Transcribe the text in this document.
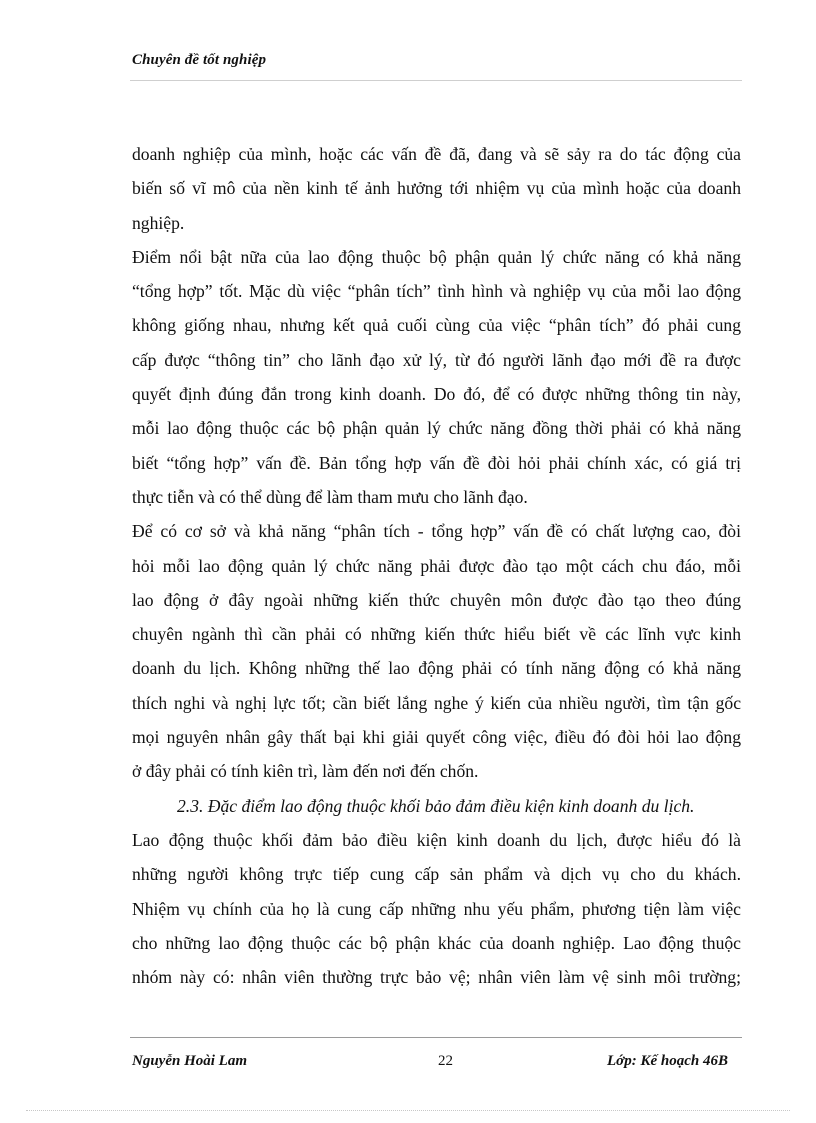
Chuyên đề tốt nghiệp
doanh nghiệp của mình, hoặc các vấn đề đã, đang và sẽ sảy ra do tác động của
biến số vĩ mô của nền kinh tế ảnh hưởng tới nhiệm vụ của mình hoặc của doanh
nghiệp.
Điểm nổi bật nữa của lao động thuộc bộ phận quản lý chức năng có khả năng
“tổng hợp” tốt. Mặc dù việc “phân tích” tình hình và nghiệp vụ của mỗi lao động
không giống nhau, nhưng kết quả cuối cùng của việc “phân tích” đó phải cung
cấp được “thông tin” cho lãnh đạo xử lý, từ đó người lãnh đạo mới đề ra được
quyết định đúng đắn trong kinh doanh. Do đó, để có được những thông tin này,
mỗi lao động thuộc các bộ phận quản lý chức năng đồng thời phải có khả năng
biết “tổng hợp” vấn đề. Bản tổng hợp vấn đề đòi hỏi phải chính xác, có giá trị
thực tiễn và có thể dùng để làm tham mưu cho lãnh đạo.
Để có cơ sở và khả năng “phân tích - tổng hợp” vấn đề có chất lượng cao, đòi
hỏi mỗi lao động quản lý chức năng phải được đào tạo một cách chu đáo, mỗi
lao động ở đây ngoài những kiến thức chuyên môn được đào tạo theo đúng
chuyên ngành thì cần phải có những kiến thức hiểu biết về các lĩnh vực kinh
doanh du lịch. Không những thế lao động phải có tính năng động có khả năng
thích nghi và nghị lực tốt; cần biết lắng nghe ý kiến của nhiều người, tìm tận gốc
mọi nguyên nhân gây thất bại khi giải quyết công việc, điều đó đòi hỏi lao động
ở đây phải có tính kiên trì, làm đến nơi đến chốn.
2.3. Đặc điểm lao động thuộc khối bảo đảm điều kiện kinh doanh du lịch.
Lao động thuộc khối đảm bảo điều kiện kinh doanh du lịch, được hiểu đó là
những người không trực tiếp cung cấp sản phẩm và dịch vụ cho du khách.
Nhiệm vụ chính của họ là cung cấp những nhu yếu phẩm, phương tiện làm việc
cho những lao động thuộc các bộ phận khác của doanh nghiệp. Lao động thuộc
nhóm này có: nhân viên thường trực bảo vệ; nhân viên làm vệ sinh môi trường;
Nguyễn Hoài Lam	22	Lớp: Kế hoạch 46B
